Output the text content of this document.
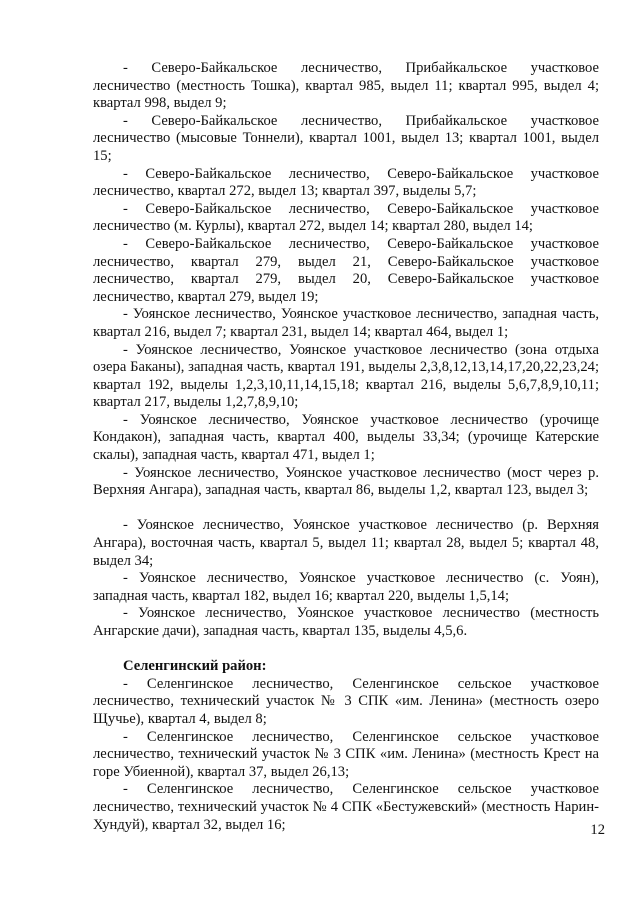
- Северо-Байкальское лесничество, Прибайкальское участковое лесничество (местность Тошка), квартал 985, выдел 11; квартал 995, выдел 4; квартал 998, выдел 9;

- Северо-Байкальское лесничество, Прибайкальское участковое лесничество (мысовые Тоннели), квартал 1001, выдел 13; квартал 1001, выдел 15;

- Северо-Байкальское лесничество, Северо-Байкальское участковое лесничество, квартал 272, выдел 13; квартал 397, выделы 5,7;

- Северо-Байкальское лесничество, Северо-Байкальское участковое лесничество (м. Курлы), квартал 272, выдел 14; квартал 280, выдел 14;

- Северо-Байкальское лесничество, Северо-Байкальское участковое лесничество, квартал 279, выдел 21, Северо-Байкальское участковое лесничество, квартал 279, выдел 20, Северо-Байкальское участковое лесничество, квартал 279, выдел 19;

- Уоянское лесничество, Уоянское участковое лесничество, западная часть, квартал 216, выдел 7; квартал 231, выдел 14; квартал 464, выдел 1;

- Уоянское лесничество, Уоянское участковое лесничество (зона отдыха озера Баканы), западная часть, квартал 191, выделы 2,3,8,12,13,14,17,20,22,23,24; квартал 192, выделы 1,2,3,10,11,14,15,18; квартал 216, выделы 5,6,7,8,9,10,11; квартал 217, выделы 1,2,7,8,9,10;

- Уоянское лесничество, Уоянское участковое лесничество (урочище Кондакон), западная часть, квартал 400, выделы 33,34; (урочище Катерские скалы), западная часть, квартал 471, выдел 1;

- Уоянское лесничество, Уоянское участковое лесничество (мост через р. Верхняя Ангара), западная часть, квартал 86, выделы 1,2, квартал 123, выдел 3;

- Уоянское лесничество, Уоянское участковое лесничество (р. Верхняя Ангара), восточная часть, квартал 5, выдел 11; квартал 28, выдел 5; квартал 48, выдел 34;

- Уоянское лесничество, Уоянское участковое лесничество (с. Уоян), западная часть, квартал 182, выдел 16; квартал 220, выделы 1,5,14;

- Уоянское лесничество, Уоянское участковое лесничество (местность Ангарские дачи), западная часть, квартал 135, выделы 4,5,6.

Селенгинский район:

- Селенгинское лесничество, Селенгинское сельское участковое лесничество, технический участок № 3 СПК «им. Ленина» (местность озеро Щучье), квартал 4, выдел 8;

- Селенгинское лесничество, Селенгинское сельское участковое лесничество, технический участок № 3 СПК «им. Ленина» (местность Крест на горе Убиенной), квартал 37, выдел 26,13;

- Селенгинское лесничество, Селенгинское сельское участковое лесничество, технический участок № 4 СПК «Бестужевский» (местность Нарин-Хундуй), квартал 32, выдел 16;	12
